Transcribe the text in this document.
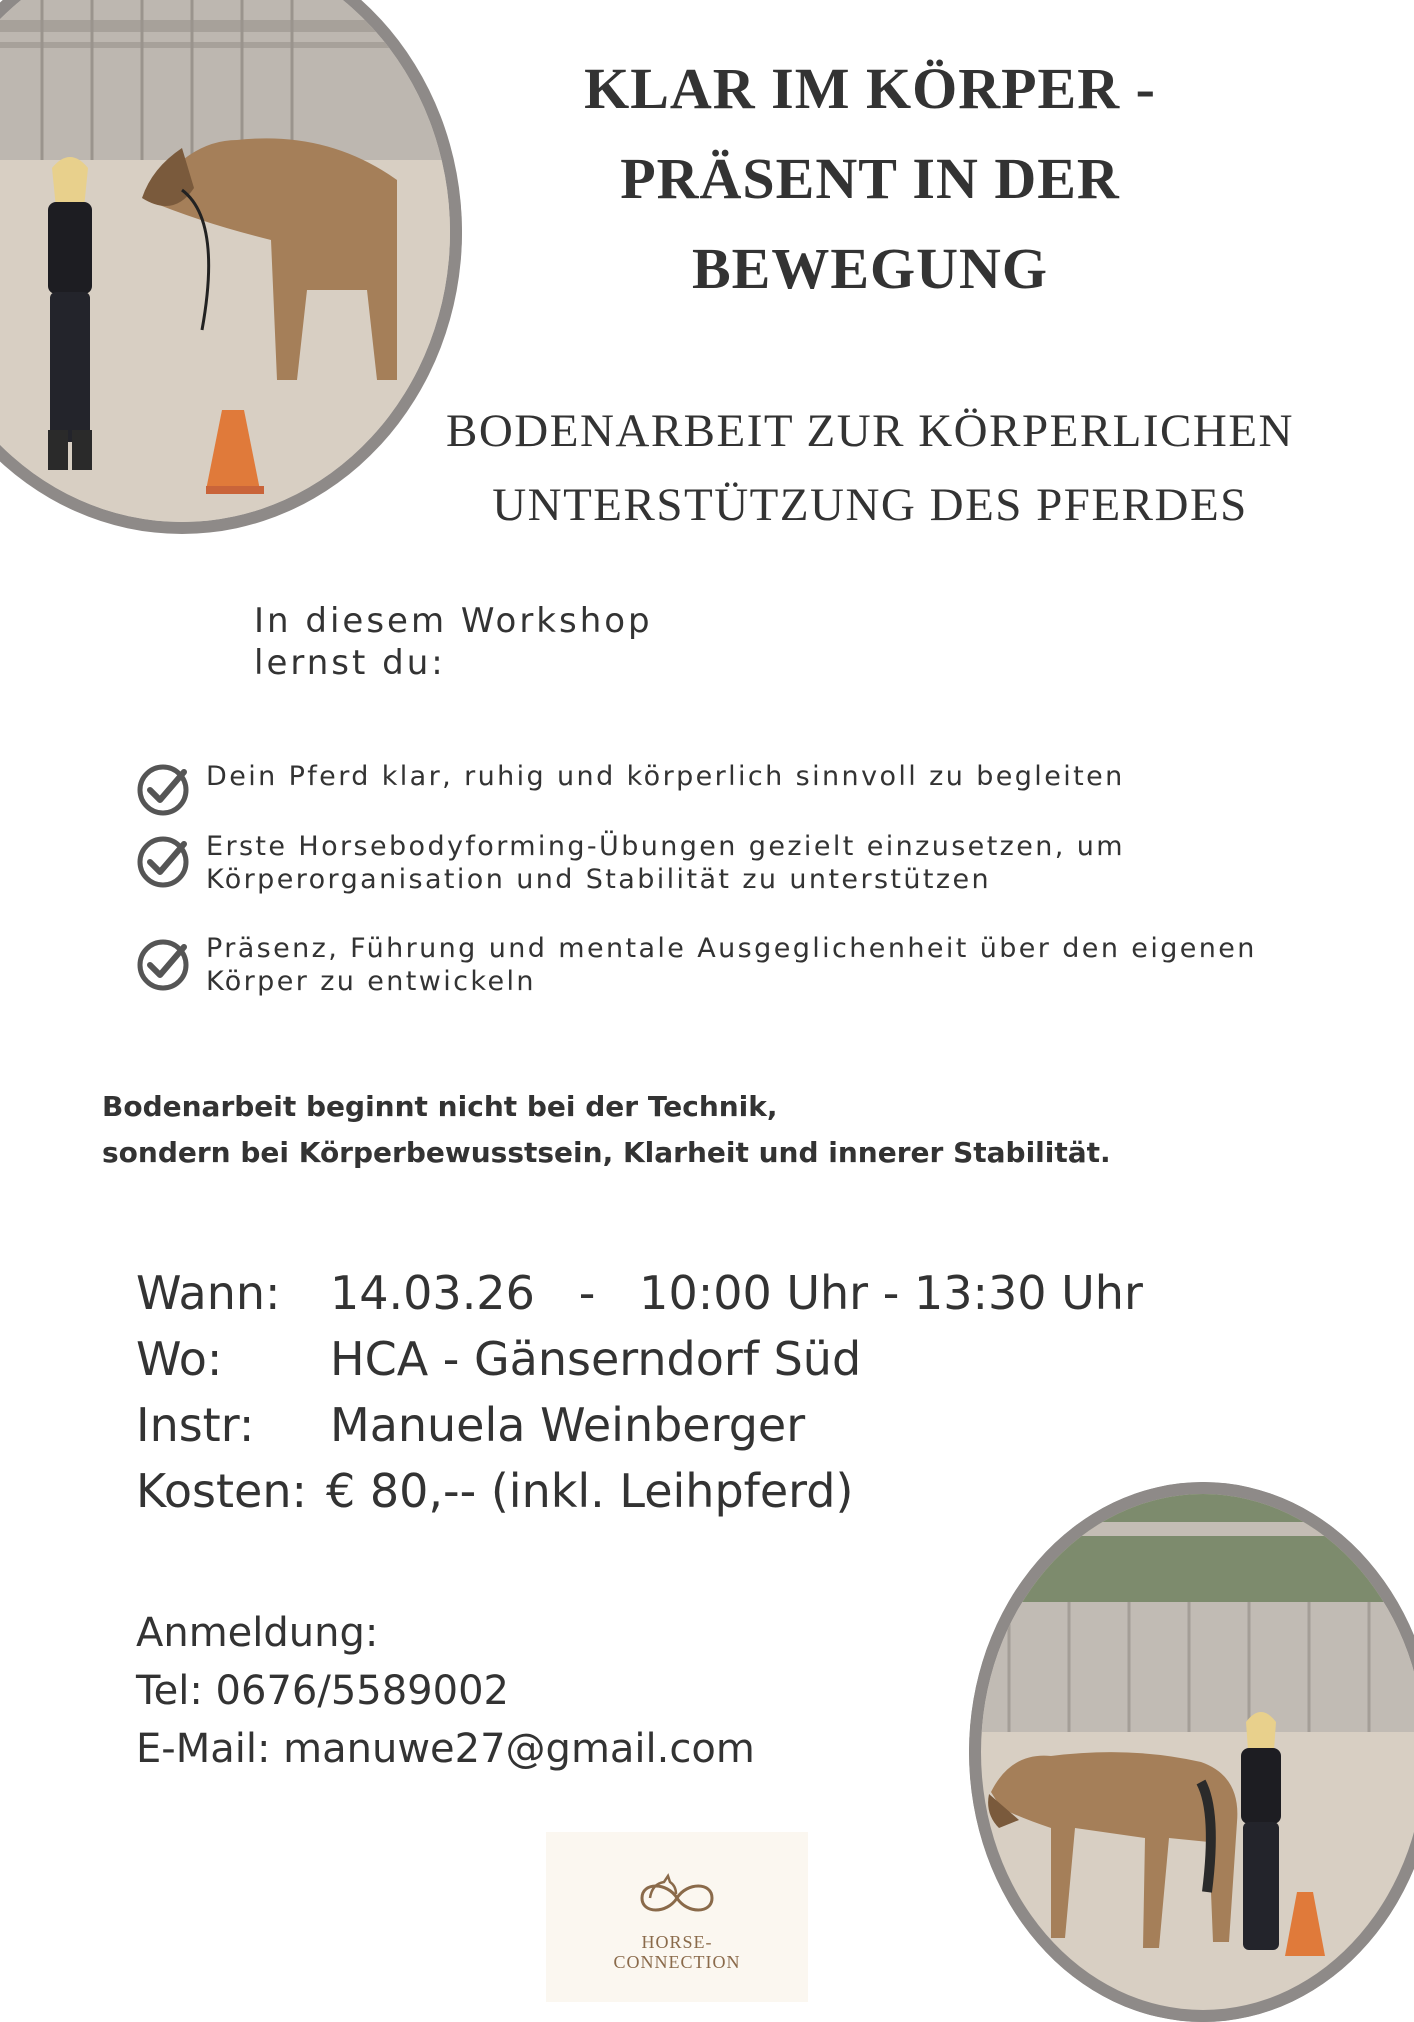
KLAR IM KÖRPER -
PRÄSENT IN DER
BEWEGUNG
BODENARBEIT ZUR KÖRPERLICHEN
UNTERSTÜTZUNG DES PFERDES
In diesem Workshop
lernst du:
Dein Pferd klar, ruhig und körperlich sinnvoll zu begleiten
Erste Horsebodyforming-Übungen gezielt einzusetzen, um
Körperorganisation und Stabilität zu unterstützen
Präsenz, Führung und mentale Ausgeglichenheit über den eigenen
Körper zu entwickeln
Bodenarbeit beginnt nicht bei der Technik,
sondern bei Körperbewusstsein, Klarheit und innerer Stabilität.
Wann: 14.03.26   -   10:00 Uhr - 13:30 Uhr
Wo: HCA - Gänserndorf Süd
Instr: Manuela Weinberger
Kosten: € 80,-- (inkl. Leihpferd)
Anmeldung:
Tel: 0676/5589002
E-Mail: manuwe27@gmail.com
HORSE-
CONNECTION
